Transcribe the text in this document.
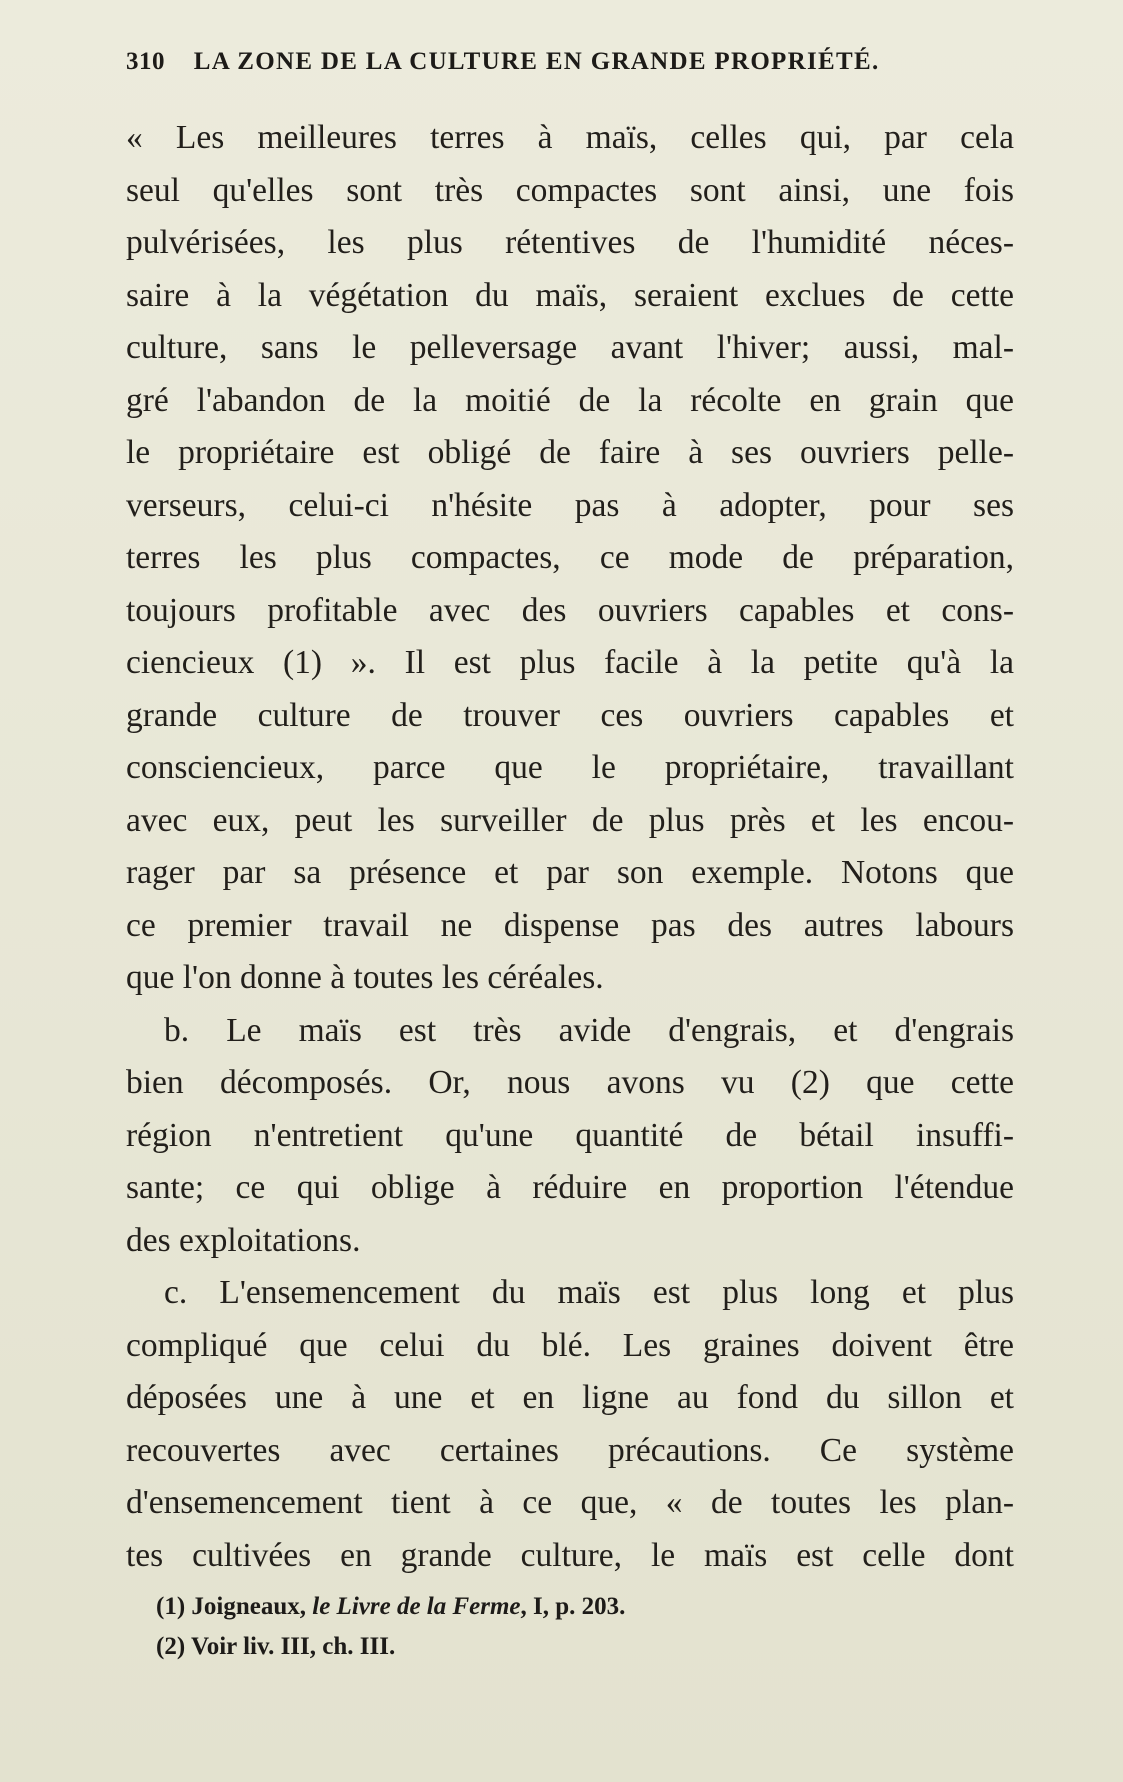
310 LA ZONE DE LA CULTURE EN GRANDE PROPRIÉTÉ.
« Les meilleures terres à maïs, celles qui, par cela
seul qu'elles sont très compactes sont ainsi, une fois
pulvérisées, les plus rétentives de l'humidité néces-
saire à la végétation du maïs, seraient exclues de cette
culture, sans le pelleversage avant l'hiver; aussi, mal-
gré l'abandon de la moitié de la récolte en grain que
le propriétaire est obligé de faire à ses ouvriers pelle-
verseurs, celui-ci n'hésite pas à adopter, pour ses
terres les plus compactes, ce mode de préparation,
toujours profitable avec des ouvriers capables et cons-
ciencieux (1) ». Il est plus facile à la petite qu'à la
grande culture de trouver ces ouvriers capables et
consciencieux, parce que le propriétaire, travaillant
avec eux, peut les surveiller de plus près et les encou-
rager par sa présence et par son exemple. Notons que
ce premier travail ne dispense pas des autres labours
que l'on donne à toutes les céréales.
b. Le maïs est très avide d'engrais, et d'engrais
bien décomposés. Or, nous avons vu (2) que cette
région n'entretient qu'une quantité de bétail insuffi-
sante; ce qui oblige à réduire en proportion l'étendue
des exploitations.
c. L'ensemencement du maïs est plus long et plus
compliqué que celui du blé. Les graines doivent être
déposées une à une et en ligne au fond du sillon et
recouvertes avec certaines précautions. Ce système
d'ensemencement tient à ce que, « de toutes les plan-
tes cultivées en grande culture, le maïs est celle dont
(1) Joigneaux, le Livre de la Ferme, I, p. 203.
(2) Voir liv. III, ch. III.
